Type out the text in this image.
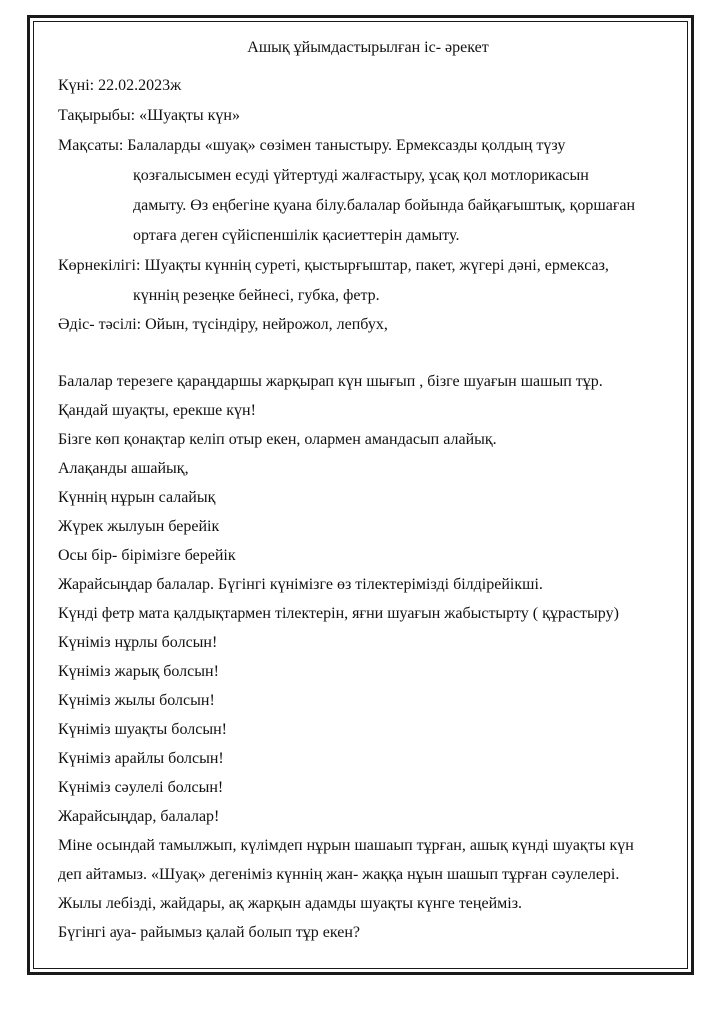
Ашық ұйымдастырылған іс- әрекет
Күні: 22.02.2023ж
Тақырыбы: «Шуақты күн»
Мақсаты: Балаларды «шуақ» сөзімен таныстыру. Ермексазды қолдың түзу
қозғалысымен есуді үйтертуді жалғастыру, ұсақ қол мотлорикасын
дамыту. Өз еңбегіне қуана білу.балалар бойында байқағыштық, қоршаған
ортаға деген сүйіспеншілік қасиеттерін дамыту.
Көрнекілігі: Шуақты күннің суреті, қыстырғыштар, пакет, жүгері дәні, ермексаз,
күннің резеңке бейнесі, губка, фетр.
Әдіс- тәсілі: Ойын, түсіндіру, нейрожол, лепбух,
Балалар терезеге қараңдаршы жарқырап күн шығып , бізге шуағын шашып тұр.
Қандай шуақты, ерекше күн!
Бізге көп қонақтар келіп отыр екен, олармен амандасып алайық.
Алақанды ашайық,
Күннің нұрын салайық
Жүрек жылуын берейік
Осы бір- бірімізге берейік
Жарайсыңдар балалар. Бүгінгі күнімізге өз тілектерімізді білдірейікші.
Күнді фетр мата қалдықтармен тілектерін, яғни шуағын жабыстырту ( құрастыру)
Күніміз нұрлы болсын!
Күніміз жарық болсын!
Күніміз жылы болсын!
Күніміз шуақты болсын!
Күніміз арайлы болсын!
Күніміз сәулелі болсын!
Жарайсыңдар, балалар!
Міне осындай тамылжып, күлімдеп нұрын шашаып тұрған, ашық күнді шуақты күн
деп айтамыз. «Шуақ» дегеніміз күннің жан- жаққа нұын шашып тұрған сәулелері.
Жылы лебізді, жайдары, ақ жарқын адамды шуақты күнге теңейміз.
Бүгінгі ауа- райымыз қалай болып тұр екен?
